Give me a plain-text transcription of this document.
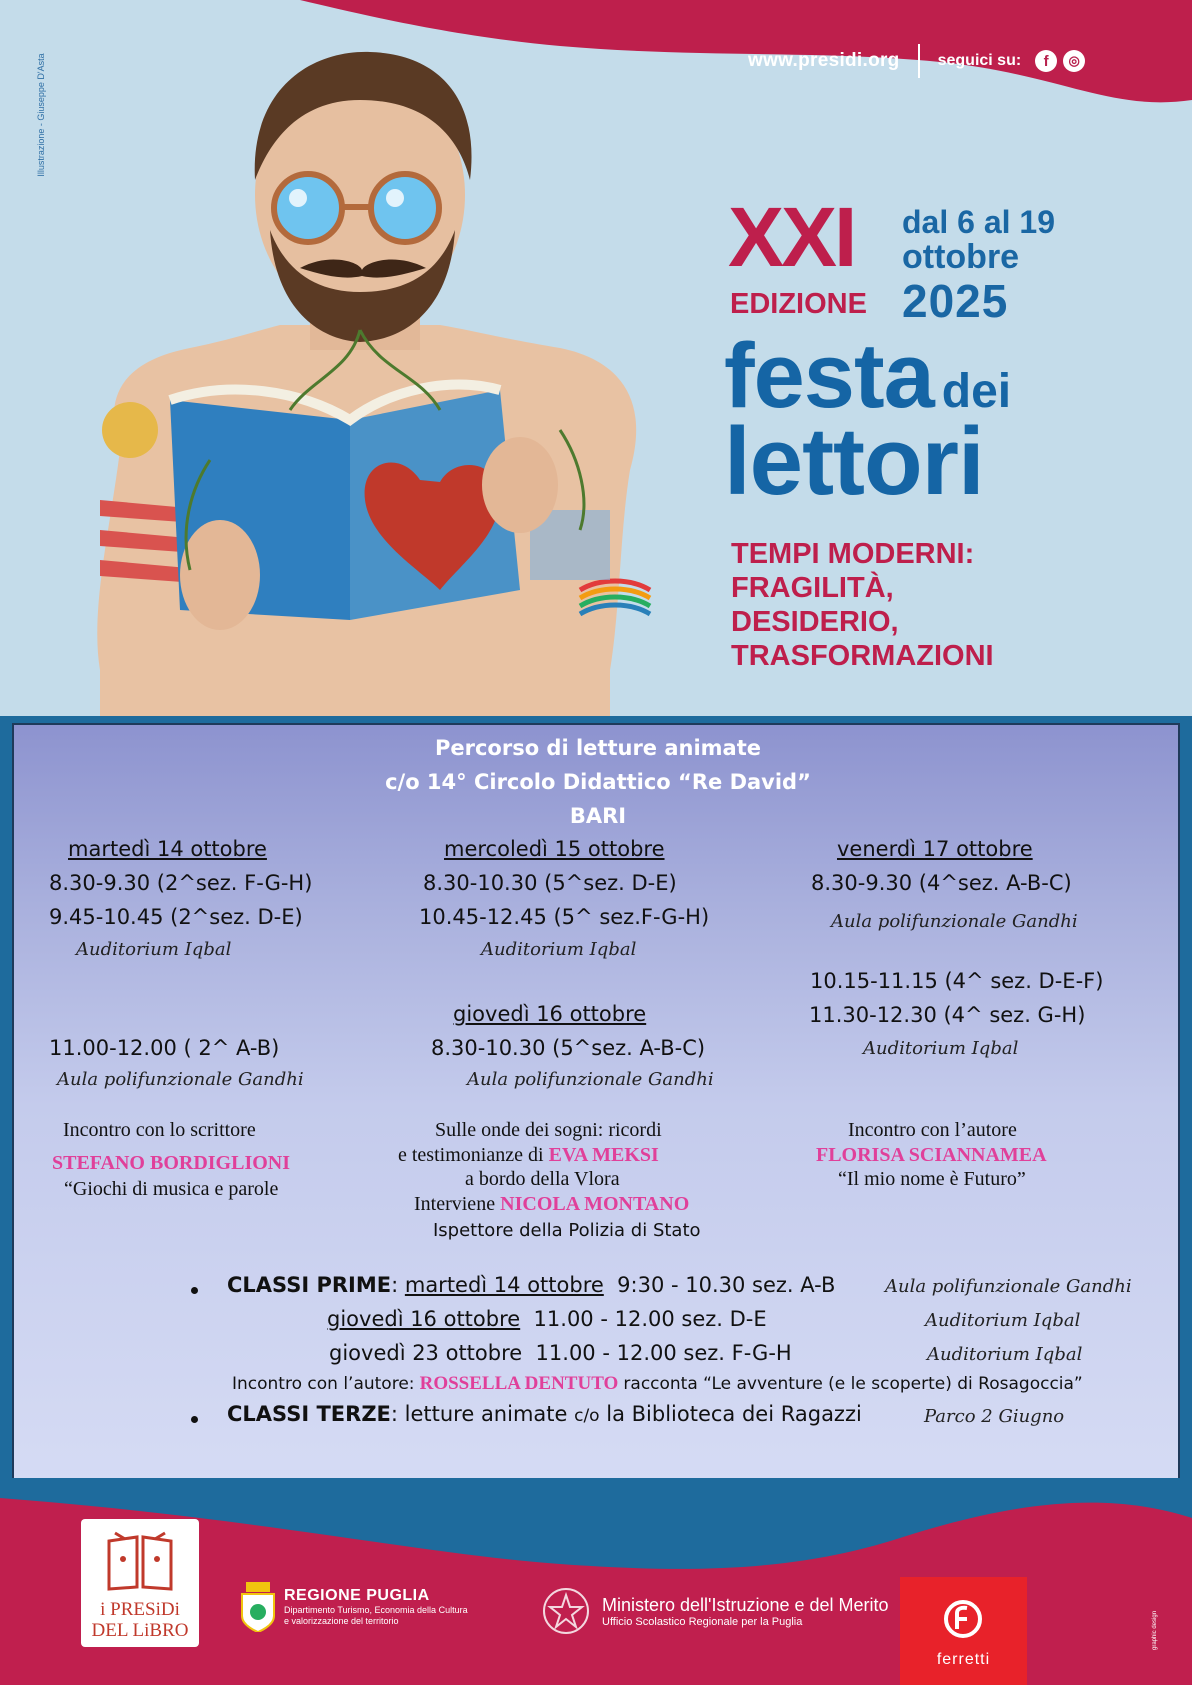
www.presidi.org seguici su:	f	◎
Illustrazione - Giuseppe D'Asta
XXI
EDIZIONE
dal 6 al 19
ottobre
2025
festa dei
lettori
TEMPI MODERNI:
FRAGILITÀ,
DESIDERIO,
TRASFORMAZIONI
Percorso di letture animate
c/o 14° Circolo Didattico “Re David”
BARI
martedì 14 ottobre
8.30-9.30 (2^sez. F-G-H)
9.45-10.45 (2^sez. D-E)
Auditorium Iqbal
11.00-12.00 ( 2^ A-B)
Aula polifunzionale Gandhi
Incontro con lo scrittore
STEFANO BORDIGLIONI
“Giochi di musica e parole
mercoledì 15 ottobre
8.30-10.30 (5^sez. D-E)
10.45-12.45 (5^ sez.F-G-H)
Auditorium Iqbal
giovedì 16 ottobre
8.30-10.30 (5^sez. A-B-C)
Aula polifunzionale Gandhi
Sulle onde dei sogni: ricordi
e testimonianze di EVA MEKSI
a bordo della Vlora
Interviene NICOLA MONTANO
Ispettore della Polizia di Stato
venerdì 17 ottobre
8.30-9.30 (4^sez. A-B-C)
Aula polifunzionale Gandhi
10.15-11.15 (4^ sez. D-E-F)
11.30-12.30 (4^ sez. G-H)
Auditorium Iqbal
Incontro con l’autore
FLORISA SCIANNAMEA
“Il mio nome è Futuro”
CLASSI PRIME: martedì 14 ottobre 9:30 - 10.30 sez. A-B	Aula polifunzionale Gandhi
giovedì 16 ottobre 11.00 - 12.00 sez. D-E	Auditorium Iqbal
giovedì 23 ottobre 11.00 - 12.00 sez. F-G-H	Auditorium Iqbal
Incontro con l’autore: ROSSELLA DENTUTO racconta “Le avventure (e le scoperte) di Rosagoccia”
CLASSI TERZE: letture animate c/o la Biblioteca dei Ragazzi	Parco 2 Giugno
i PRESiDi
DEL LiBRO
REGIONE PUGLIA
Dipartimento Turismo, Economia della Cultura
e valorizzazione del territorio
Ministero dell'Istruzione e del Merito
Ufficio Scolastico Regionale per la Puglia
ferretti
graphic design
